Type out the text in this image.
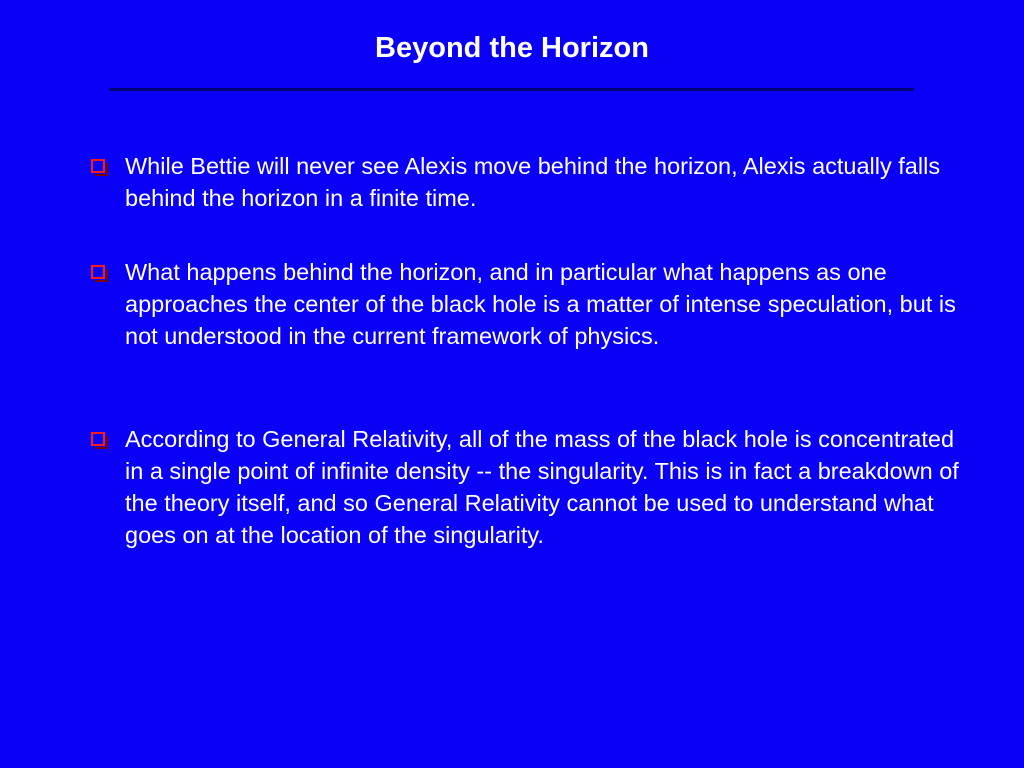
Beyond the Horizon
While Bettie will never see Alexis move behind the horizon, Alexis actually falls behind the horizon in a finite time.
What happens behind the horizon, and in particular what happens as one approaches the center of the black hole is a matter of intense speculation, but is not understood in the current framework of physics.
According to General Relativity, all of the mass of the black hole is concentrated in a single point of infinite density -- the singularity. This is in fact a breakdown of the theory itself, and so General Relativity cannot be used to understand what goes on at the location of the singularity.
